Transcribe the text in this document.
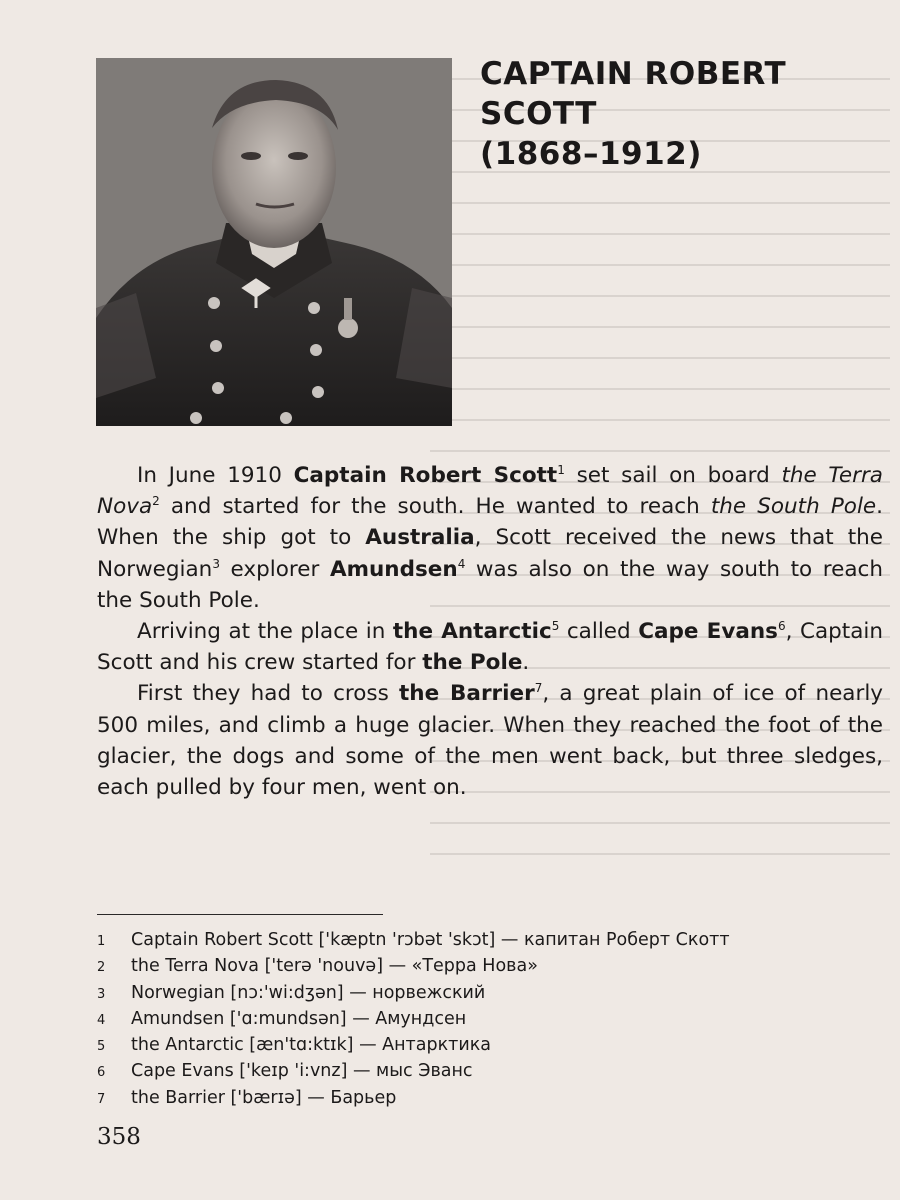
CAPTAIN ROBERT SCOTT
(1868–1912)

In June 1910 Captain Robert Scott$^1$ set sail on board the Terra Nova$^2$ and started for the south. He wanted to reach the South Pole. When the ship got to Australia, Scott received the news that the Norwegian$^3$ explorer Amundsen$^4$ was also on the way south to reach the South Pole.

Arriving at the place in the Antarctic$^5$ called Cape Evans$^6$, Captain Scott and his crew started for the Pole.

First they had to cross the Barrier$^7$, a great plain of ice of nearly 500 miles, and climb a huge glacier. When they reached the foot of the glacier, the dogs and some of the men went back, but three sledges, each pulled by four men, went on.

1	Captain Robert Scott ['kæptn 'rɔbət 'skɔt] — капитан Роберт Скотт
2	the Terra Nova ['terə 'nouvə] — «Терра Нова»
3	Norwegian [nɔ:'wi:dʒən] — норвежский
4	Amundsen ['ɑ:mundsən] — Амундсен
5	the Antarctic [æn'tɑ:ktɪk] — Антарктика
6	Cape Evans ['keɪp 'i:vnz] — мыс Эванс
7	the Barrier ['bærɪə] — Барьер
358
